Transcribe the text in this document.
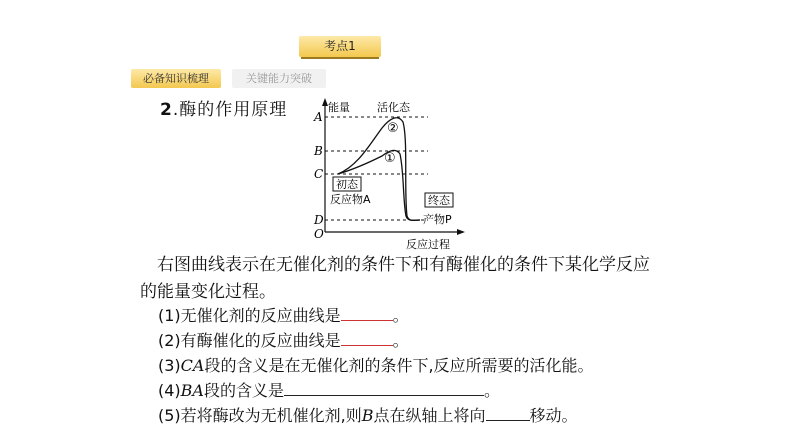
考点1
必备知识梳理	关键能力突破
2.酶的作用原理	能量 活化态
A
B
C
D
O
②
①
初态
反应物A	终态
产物P
反应过程
右图曲线表示在无催化剂的条件下和有酶催化的条件下某化学反应的能量变化过程。
(1)无催化剂的反应曲线是	。
(2)有酶催化的反应曲线是	。
(3)CA段的含义是在无催化剂的条件下,反应所需要的活化能。
(4)BA段的含义是	。
(5)若将酶改为无机催化剂,则B点在纵轴上将向	移动。
